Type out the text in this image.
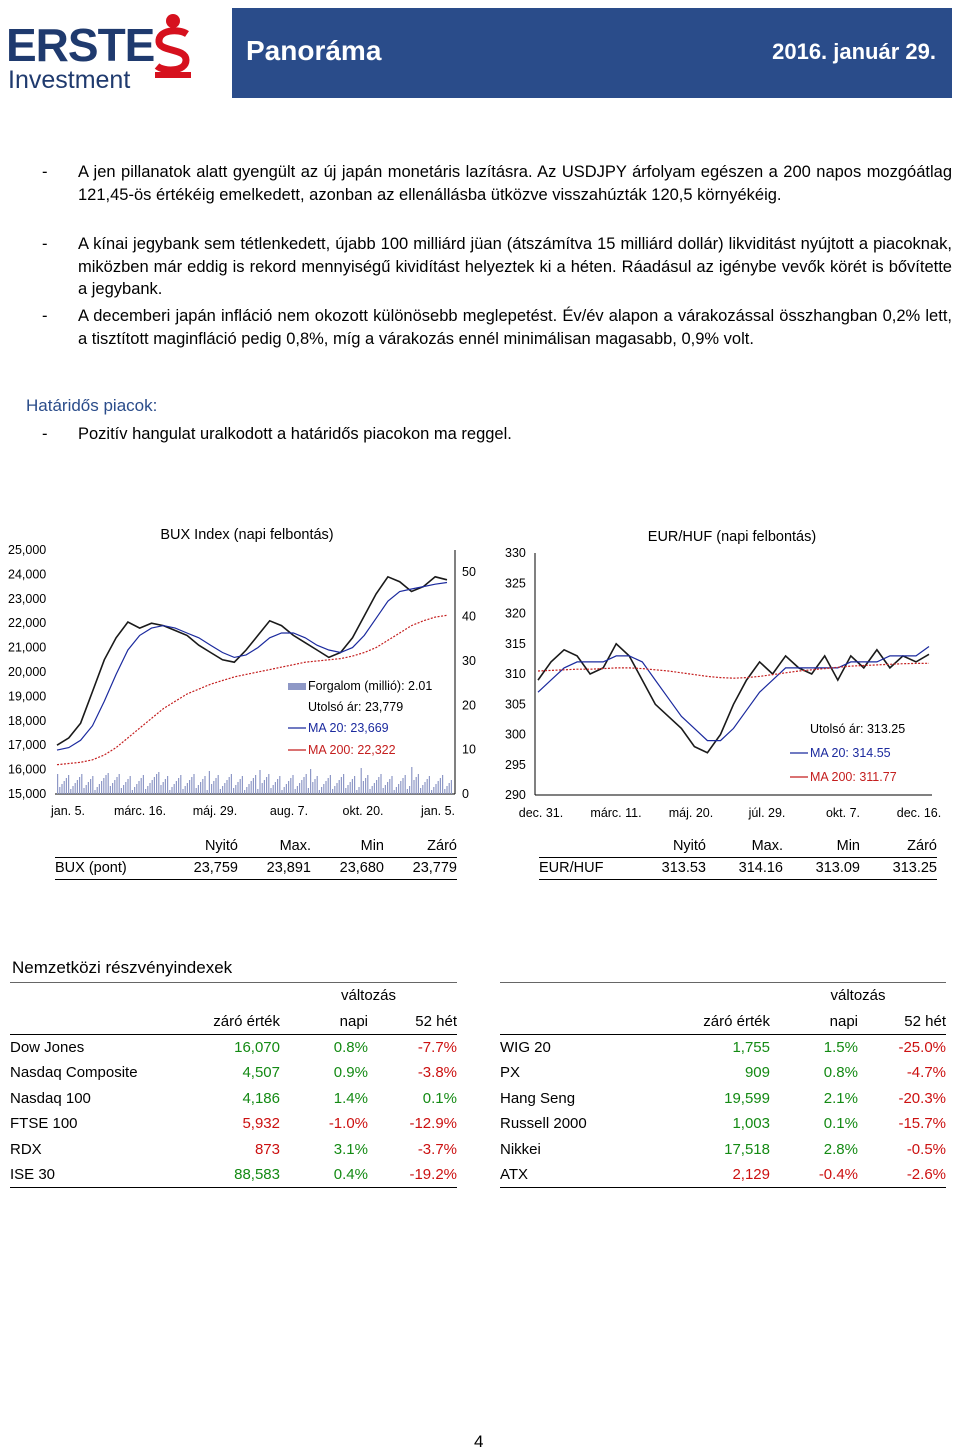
ERSTE
Investment
Panoráma	2016. január 29.
- A jen pillanatok alatt gyengült az új japán monetáris lazításra. Az USDJPY árfolyam egészen a 200 napos mozgóátlag 121,45-ös értékéig emelkedett, azonban az ellenállásba ütközve visszahúzták 120,5 környékéig.
- A kínai jegybank sem tétlenkedett, újabb 100 milliárd jüan (átszámítva 15 milliárd dollár) likviditást nyújtott a piacoknak, miközben már eddig is rekord mennyiségű kividítást helyeztek ki a héten. Ráadásul az igénybe vevők körét is bővítette a jegybank.
- A decemberi japán infláció nem okozott különösebb meglepetést. Év/év alapon a várakozással összhangban 0,2% lett, a tisztított maginfláció pedig 0,8%, míg a várakozás ennél minimálisan magasabb, 0,9% volt.
Határidős piacok:
- Pozitív hangulat uralkodott a határidős piacokon ma reggel.
BUX Index (napi felbontás)
25,000
24,000
23,000
22,000
21,000
20,000
19,000
18,000
17,000
16,000
15,000
50
40
30
20
10
0
jan. 5. márc. 16. máj. 29.	aug. 7.	okt. 20.	jan. 5.
Forgalom (millió): 2.01
Utolsó ár: 23,779
MA 20: 23,669
MA 200: 22,322
EUR/HUF (napi felbontás)
330
325
320
315
310
305
300
295
290
dec. 31. márc. 11. máj. 20.	júl. 29.	okt. 7.	dec. 16.
Utolsó ár: 313.25
MA 20: 314.55
MA 200: 311.77
	Nyitó	Max.	Min	Záró
BUX (pont)	23,759	23,891	23,680	23,779
	Nyitó	Max.	Min	Záró
EUR/HUF	313.53	314.16	313.09	313.25
Nemzetközi részvényindexek
		változás	
	záró érték	napi	52 hét
Dow Jones	16,070	0.8%	-7.7%
Nasdaq Composite	4,507	0.9%	-3.8%
Nasdaq 100	4,186	1.4%	0.1%
FTSE 100	5,932	-1.0%	-12.9%
RDX	873	3.1%	-3.7%
ISE 30	88,583	0.4%	-19.2%
		változás	
	záró érték	napi	52 hét
WIG 20	1,755	1.5%	-25.0%
PX	909	0.8%	-4.7%
Hang Seng	19,599	2.1%	-20.3%
Russell 2000	1,003	0.1%	-15.7%
Nikkei	17,518	2.8%	-0.5%
ATX	2,129	-0.4%	-2.6%
4
